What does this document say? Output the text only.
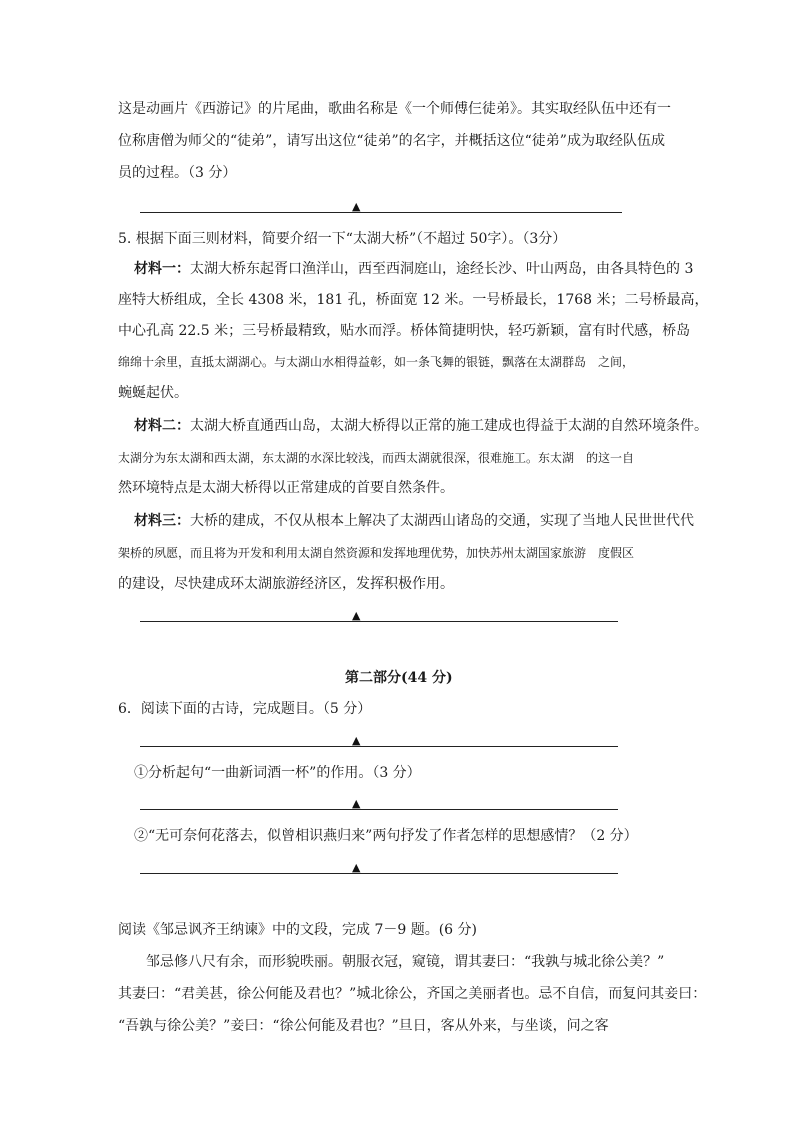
这是动画片《西游记》的片尾曲，歌曲名称是《一个师傅仨徒弟》。其实取经队伍中还有一
位称唐僧为师父的“徒弟”，请写出这位“徒弟”的名字，并概括这位“徒弟”成为取经队伍成
员的过程。（3 分）
▲
5. 根据下面三则材料，简要介绍一下“太湖大桥”（不超过 50字）。（3分）
材料一：太湖大桥东起胥口渔洋山，西至西洞庭山，途经长沙、叶山两岛，由各具特色的 3
座特大桥组成，全长 4308 米，181 孔，桥面宽 12 米。一号桥最长，1768 米；二号桥最高，
中心孔高 22.5 米；三号桥最精致，贴水而浮。桥体简捷明快，轻巧新颖，富有时代感，桥岛
绵绵十余里，直抵太湖湖心。与太湖山水相得益彰，如一条飞舞的银链，飘落在太湖群岛　之间，
蜿蜒起伏。
材料二：太湖大桥直通西山岛，太湖大桥得以正常的施工建成也得益于太湖的自然环境条件。
太湖分为东太湖和西太湖，东太湖的水深比较浅，而西太湖就很深，很难施工。东太湖　的这一自
然环境特点是太湖大桥得以正常建成的首要自然条件。
材料三：大桥的建成，不仅从根本上解决了太湖西山诸岛的交通，实现了当地人民世世代代
架桥的夙愿，而且将为开发和利用太湖自然资源和发挥地理优势，加快苏州太湖国家旅游　度假区
的建设，尽快建成环太湖旅游经济区，发挥积极作用。
▲
第二部分(44 分)
6．阅读下面的古诗，完成题目。（5 分）
▲
①分析起句“一曲新词酒一杯”的作用。（3 分）
▲
②“无可奈何花落去，似曾相识燕归来”两句抒发了作者怎样的思想感情？（2 分）
▲
阅读《邹忌讽齐王纳谏》中的文段，完成 7－9 题。(6 分)
邹忌修八尺有余，而形貌昳丽。朝服衣冠，窥镜，谓其妻曰：“我孰与城北徐公美？”
其妻曰：“君美甚，徐公何能及君也？”城北徐公，齐国之美丽者也。忌不自信，而复问其妾曰：
“吾孰与徐公美？”妾曰：“徐公何能及君也？”旦日，客从外来，与坐谈，问之客
